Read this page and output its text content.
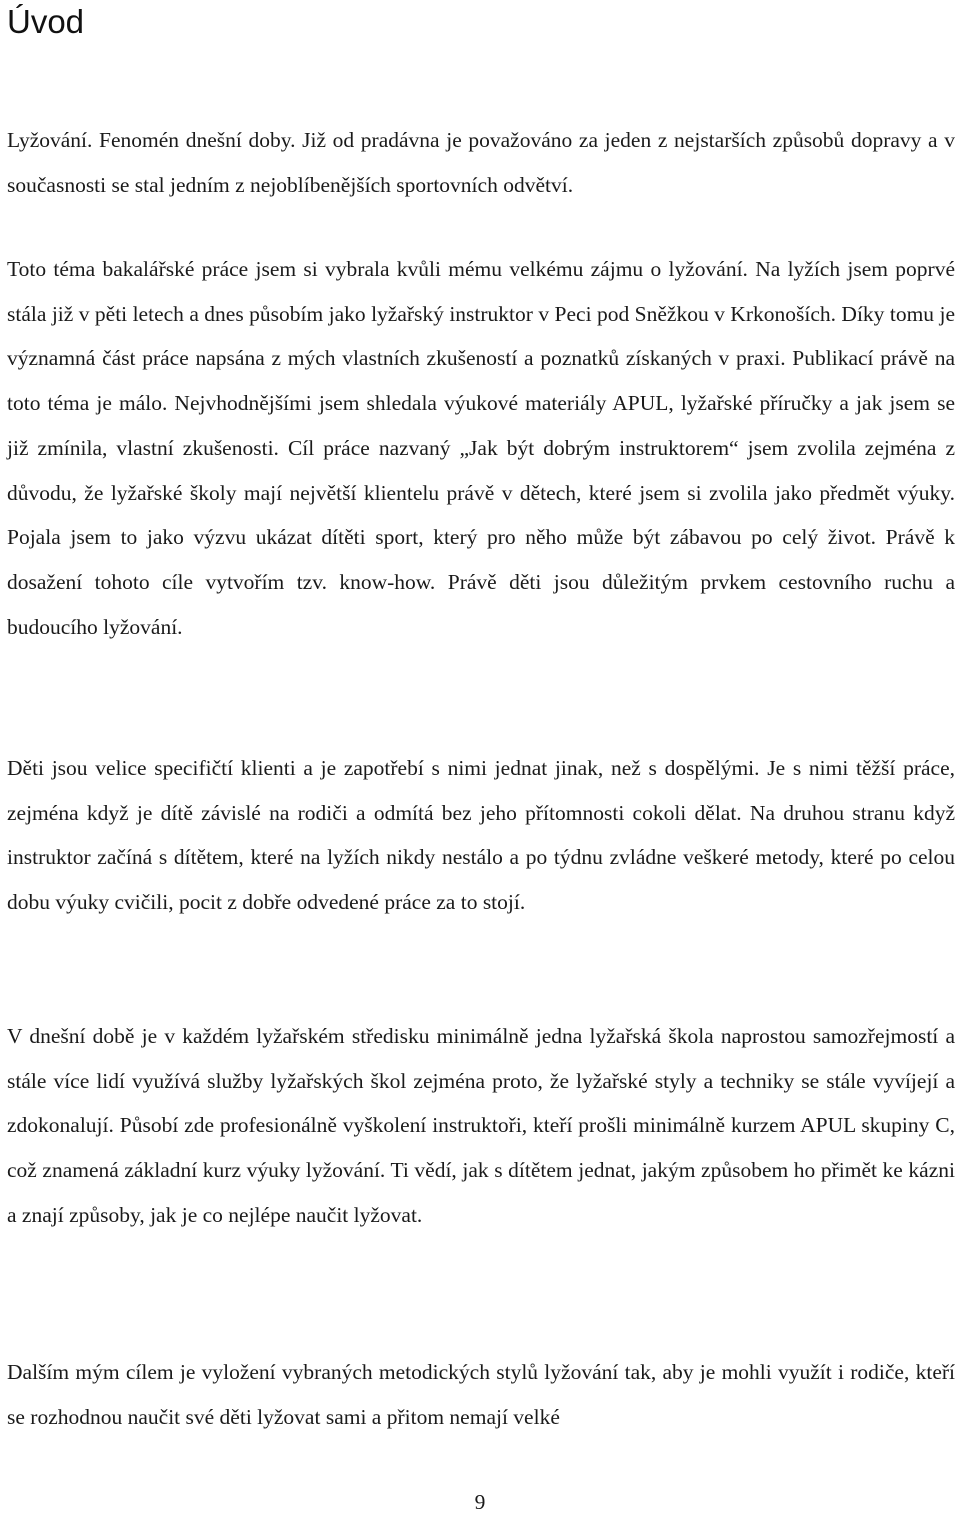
Úvod

Lyžování. Fenomén dnešní doby. Již od pradávna je považováno za jeden z nejstarších způsobů dopravy a v současnosti se stal jedním z nejoblíbenějších sportovních odvětví.

Toto téma bakalářské práce jsem si vybrala kvůli mému velkému zájmu o lyžování. Na lyžích jsem poprvé stála již v pěti letech a dnes působím jako lyžařský instruktor v Peci pod Sněžkou v Krkonoších. Díky tomu je významná část práce napsána z mých vlastních zkušeností a poznatků získaných v praxi. Publikací právě na toto téma je málo. Nejvhodnějšími jsem shledala výukové materiály APUL, lyžařské příručky a jak jsem se již zmínila, vlastní zkušenosti. Cíl práce nazvaný „Jak být dobrým instruktorem“ jsem zvolila zejména z důvodu, že lyžařské školy mají největší klientelu právě v dětech, které jsem si zvolila jako předmět výuky. Pojala jsem to jako výzvu ukázat dítěti sport, který pro něho může být zábavou po celý život. Právě k dosažení tohoto cíle vytvořím tzv. know-how. Právě děti jsou důležitým prvkem cestovního ruchu a budoucího lyžování.

Děti jsou velice specifičtí klienti a je zapotřebí s nimi jednat jinak, než s dospělými. Je s nimi těžší práce, zejména když je dítě závislé na rodiči a odmítá bez jeho přítomnosti cokoli dělat. Na druhou stranu když instruktor začíná s dítětem, které na lyžích nikdy nestálo a po týdnu zvládne veškeré metody, které po celou dobu výuky cvičili, pocit z dobře odvedené práce za to stojí.

V dnešní době je v každém lyžařském středisku minimálně jedna lyžařská škola naprostou samozřejmostí a stále více lidí využívá služby lyžařských škol zejména proto, že lyžařské styly a techniky se stále vyvíjejí a zdokonalují. Působí zde profesionálně vyškolení instruktoři, kteří prošli minimálně kurzem APUL skupiny C, což znamená základní kurz výuky lyžování. Ti vědí, jak s dítětem jednat, jakým způsobem ho přimět ke kázni a znají způsoby, jak je co nejlépe naučit lyžovat.

Dalším mým cílem je vyložení vybraných metodických stylů lyžování tak, aby je mohli využít i rodiče, kteří se rozhodnou naučit své děti lyžovat sami a přitom nemají velké

9
